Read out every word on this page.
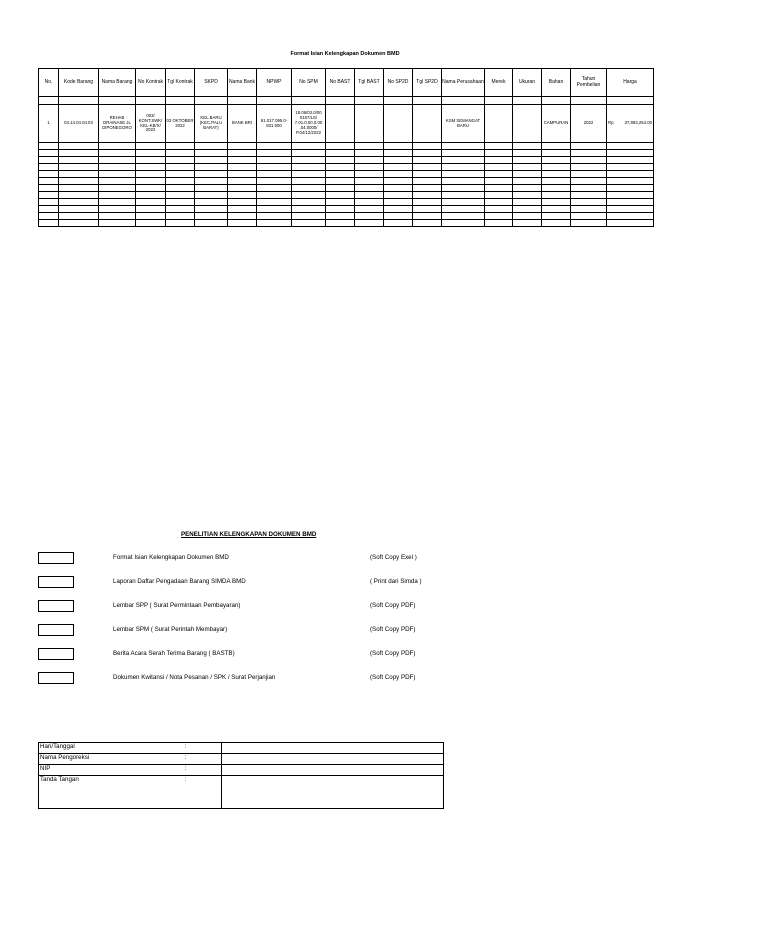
Format Isian Kelengkapan Dokumen BMD
No.	Kode Barang	Nama Barang	No Kontrak	Tgl Kontrak	SKPD	Nama Bank	NPWP	No SPM	No BAST	Tgl BAST	No SP2D	Tgl SP2D	Nama Perusahaan	Merek	Ukuran	Bahan	Tahun Pembelian	Harga

1	04.14.04.04.03	REHAB DRAINASE JL DIPONEGORO	003/ KONT.SWK/ KEL-KB/X/ 2022	03 OKTOBER 2022	KEL.BARU (KEC.PALU BARAT)	BANK BRI	61.017.095.0-831.000	18.06/03.0/00 0167/LS/ 7.01.0.00.0.00 .04.0000/ P.04/12/2022					KSM SEMANGAT BARU			CAMPURAN	2022	Rp 37,893,254.00

PENELITIAN KELENGKAPAN DOKUMEN BMD
Format Isian Kelengkapan Dokumen BMD	(Soft Copy Exel )
Laporan Daftar Pengadaan Barang SIMDA BMD	( Print dari Simda )
Lembar SPP ( Surat Permintaan Pembayaran)	(Soft Copy PDF)
Lembar SPM ( Surat Perintah Membayar)	(Soft Copy PDF)
Berita Acara Serah Terima Barang ( BASTB)	(Soft Copy PDF)
Dokumen Kwitansi / Nota Pesanan / SPK / Surat Perjanjian	(Soft Copy PDF)
Hari/Tanggal	:	
Nama Pengoreksi	:	
NIP	:	
Tanda Tangan	:	
